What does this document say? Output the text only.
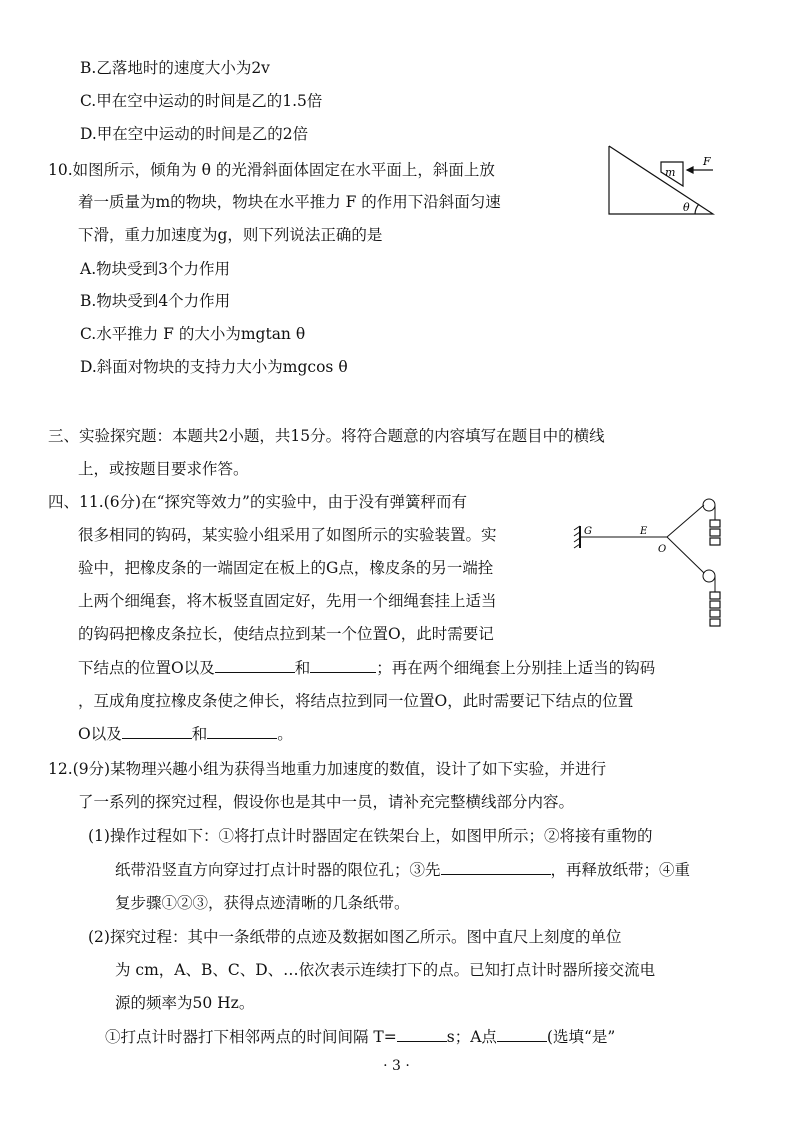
B.乙落地时的速度大小为2v
C.甲在空中运动的时间是乙的1.5倍
D.甲在空中运动的时间是乙的2倍
10.如图所示，倾角为 θ 的光滑斜面体固定在水平面上，斜面上放
着一质量为m的物块，物块在水平推力 F 的作用下沿斜面匀速
下滑，重力加速度为g，则下列说法正确的是
A.物块受到3个力作用
B.物块受到4个力作用
C.水平推力 F 的大小为mgtan θ
D.斜面对物块的支持力大小为mgcos θ
m
F
θ
三、实验探究题：本题共2小题，共15分。将符合题意的内容填写在题目中的横线
上，或按题目要求作答。
四、11.(6分)在“探究等效力”的实验中，由于没有弹簧秤而有
很多相同的钩码，某实验小组采用了如图所示的实验装置。实
验中，把橡皮条的一端固定在板上的G点，橡皮条的另一端拴
上两个细绳套，将木板竖直固定好，先用一个细绳套挂上适当
的钩码把橡皮条拉长，使结点拉到某一个位置O，此时需要记
下结点的位置O以及	和	；再在两个细绳套上分别挂上适当的钩码
，互成角度拉橡皮条使之伸长，将结点拉到同一位置O，此时需要记下结点的位置
O以及	和	。
G	E
O
12.(9分)某物理兴趣小组为获得当地重力加速度的数值，设计了如下实验，并进行
了一系列的探究过程，假设你也是其中一员，请补充完整横线部分内容。
(1)操作过程如下：①将打点计时器固定在铁架台上，如图甲所示；②将接有重物的
纸带沿竖直方向穿过打点计时器的限位孔；③先	，再释放纸带；④重
复步骤①②③，获得点迹清晰的几条纸带。
(2)探究过程：其中一条纸带的点迹及数据如图乙所示。图中直尺上刻度的单位
为 cm，A、B、C、D、…依次表示连续打下的点。已知打点计时器所接交流电
源的频率为50 Hz。
①打点计时器打下相邻两点的时间间隔 T=	s；A点	(选填“是”
· 3 ·
